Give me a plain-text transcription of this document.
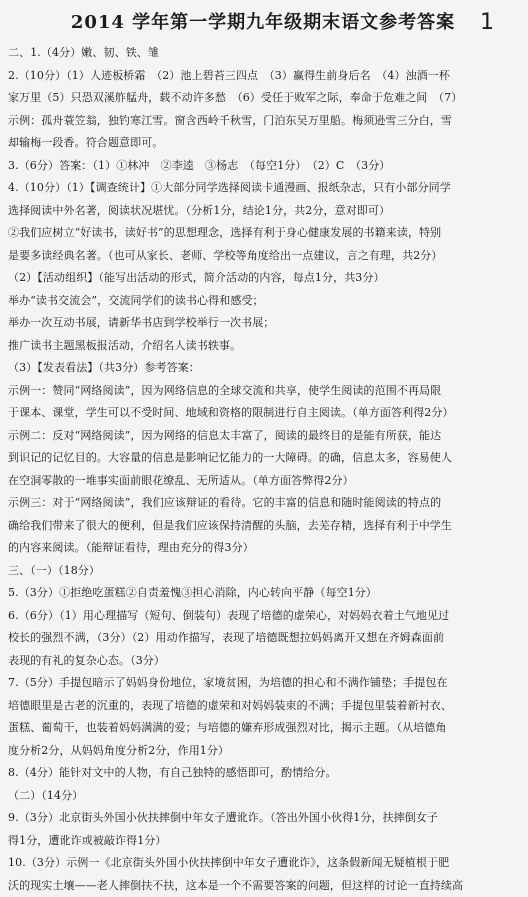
2014 学年第一学期九年级期末语文参考答案 1
二、1.（4分）嫩、韧、铁、雏
2.（10分）（1）人迹板桥霜　（2）池上碧苔三四点　（3）赢得生前身后名　（4）浊酒一杯
家万里（5）只恐双溪舴艋舟，载不动许多愁　（6）受任于败军之际，奉命于危难之间　（7）
示例：孤舟蓑笠翁，独钓寒江雪。窗含西岭千秋雪，门泊东吴万里船。梅须逊雪三分白，雪
却输梅一段香。符合题意即可。
3.（6分）答案：（1）①林冲　②李逵　③杨志　（每空1分）　（2）C　（3分）
4.（10分）（1）【调查统计】①大部分同学选择阅读卡通漫画、报纸杂志，只有小部分同学
选择阅读中外名著，阅读状况堪忧。（分析1分，结论1分，共2分，意对即可）
②我们应树立“好读书，读好书”的思想理念，选择有利于身心健康发展的书籍来读，特别
是要多读经典名著。（也可从家长、老师、学校等角度给出一点建议，言之有理，共2分）
（2）【活动组织】（能写出活动的形式，简介活动的内容，每点1分，共3分）
举办“读书交流会”，交流同学们的读书心得和感受；
举办一次互动书展，请新华书店到学校举行一次书展；
推广读书主题黑板报活动，介绍名人读书轶事。
（3）【发表看法】（共3分）参考答案：
示例一：赞同“网络阅读”，因为网络信息的全球交流和共享，使学生阅读的范围不再局限
于课本、课堂，学生可以不受时间、地域和资格的限制进行自主阅读。（单方面答利得2分）
示例二：反对“网络阅读”，因为网络的信息太丰富了，阅读的最终目的是能有所获，能达
到识记的记忆目的。大容量的信息是影响记忆能力的一大障碍。的确，信息太多，容易使人
在空洞零散的一堆事实面前眼花缭乱、无所适从。（单方面答弊得2分）
示例三：对于“网络阅读”，我们应该辩证的看待。它的丰富的信息和随时能阅读的特点的
确给我们带来了很大的便利，但是我们应该保持清醒的头脑，去芜存精，选择有利于中学生
的内容来阅读。（能辩证看待，理由充分的得3分）
三、（一）（18分）
5.（3分）①拒绝吃蛋糕②自责羞愧③担心消除，内心转向平静（每空1分）
6.（6分）（1）用心理描写（短句、倒装句）表现了培德的虚荣心，对妈妈衣着土气地见过
校长的强烈不满，（3分）（2）用动作描写，表现了培德既想拉妈妈离开又想在齐姆森面前
表现的有礼的复杂心态。（3分）
7.（5分）手提包暗示了妈妈身份地位，家境贫困，为培德的担心和不满作铺垫；手提包在
培德眼里是古老的沉重的，表现了培德的虚荣和对妈妈装束的不满；手提包里装着新衬衣、
蛋糕、葡萄干，也装着妈妈满满的爱；与培德的嫌弃形成强烈对比，揭示主题。（从培德角
度分析2分，从妈妈角度分析2分，作用1分）
8.（4分）能针对文中的人物，有自己独特的感悟即可，酌情给分。
（二）（14分）
9.（3分）北京街头外国小伙扶摔倒中年女子遭讹诈。（答出外国小伙得1分，扶摔倒女子
得1分，遭讹诈或被敲诈得1分）
10.（3分）示例一《北京街头外国小伙扶摔倒中年女子遭讹诈》，这条假新闻无疑植根于肥
沃的现实土壤——老人摔倒扶不扶，这本是一个不需要答案的问题，但这样的讨论一直持续高
